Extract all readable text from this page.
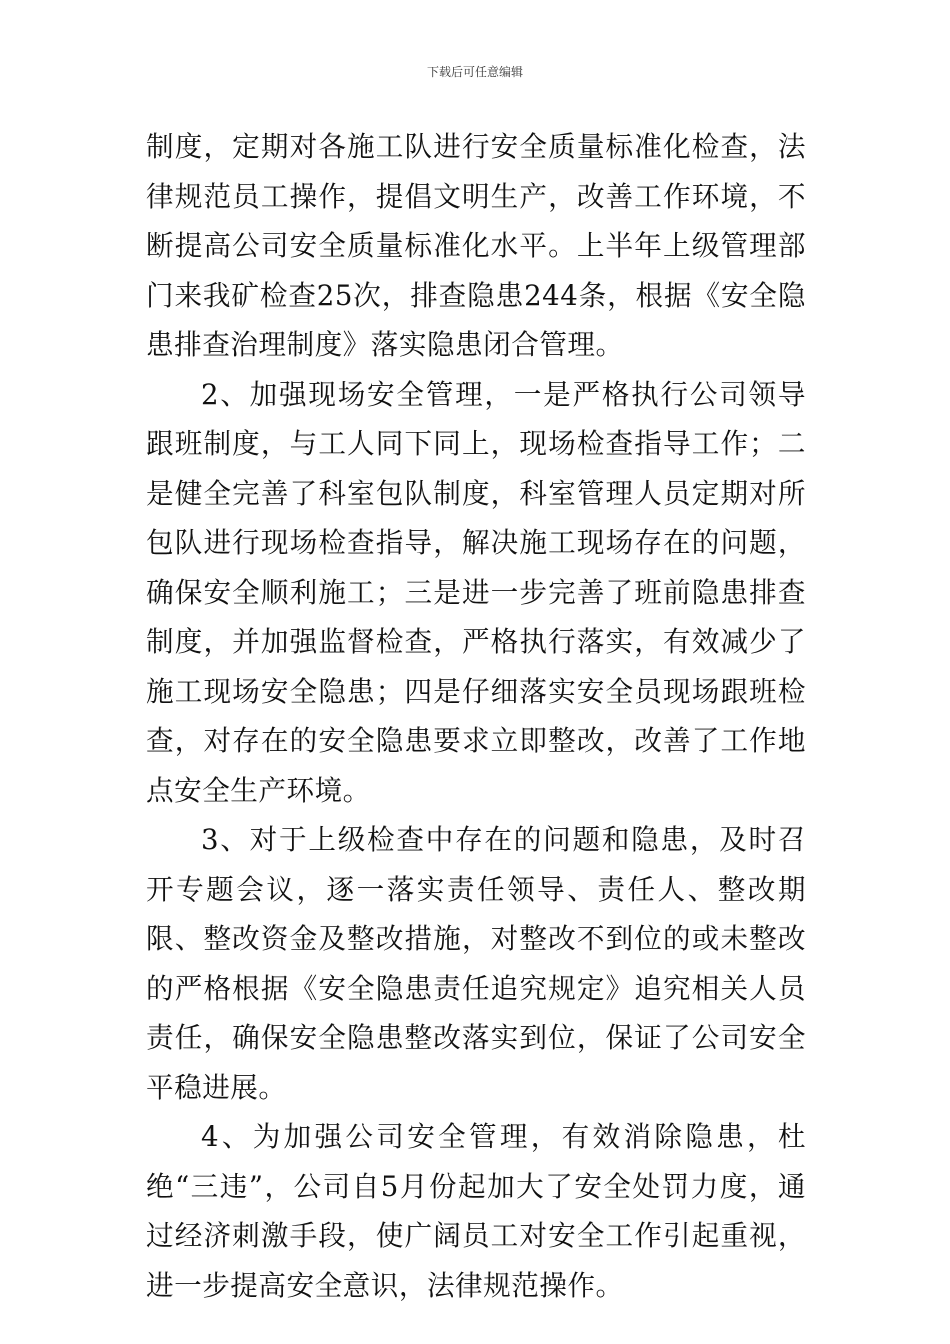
下载后可任意编辑

制度，定期对各施工队进行安全质量标准化检查，法律规范员工操作，提倡文明生产，改善工作环境，不断提高公司安全质量标准化水平。上半年上级管理部门来我矿检查25次，排查隐患244条，根据《安全隐患排查治理制度》落实隐患闭合管理。

2、加强现场安全管理，一是严格执行公司领导跟班制度，与工人同下同上，现场检查指导工作；二是健全完善了科室包队制度，科室管理人员定期对所包队进行现场检查指导，解决施工现场存在的问题，确保安全顺利施工；三是进一步完善了班前隐患排查制度，并加强监督检查，严格执行落实，有效减少了施工现场安全隐患；四是仔细落实安全员现场跟班检查，对存在的安全隐患要求立即整改，改善了工作地点安全生产环境。

3、对于上级检查中存在的问题和隐患，及时召开专题会议，逐一落实责任领导、责任人、整改期限、整改资金及整改措施，对整改不到位的或未整改的严格根据《安全隐患责任追究规定》追究相关人员责任，确保安全隐患整改落实到位，保证了公司安全平稳进展。

4、为加强公司安全管理，有效消除隐患，杜绝“三违”，公司自5月份起加大了安全处罚力度，通过经济刺激手段，使广阔员工对安全工作引起重视，进一步提高安全意识，法律规范操作。
